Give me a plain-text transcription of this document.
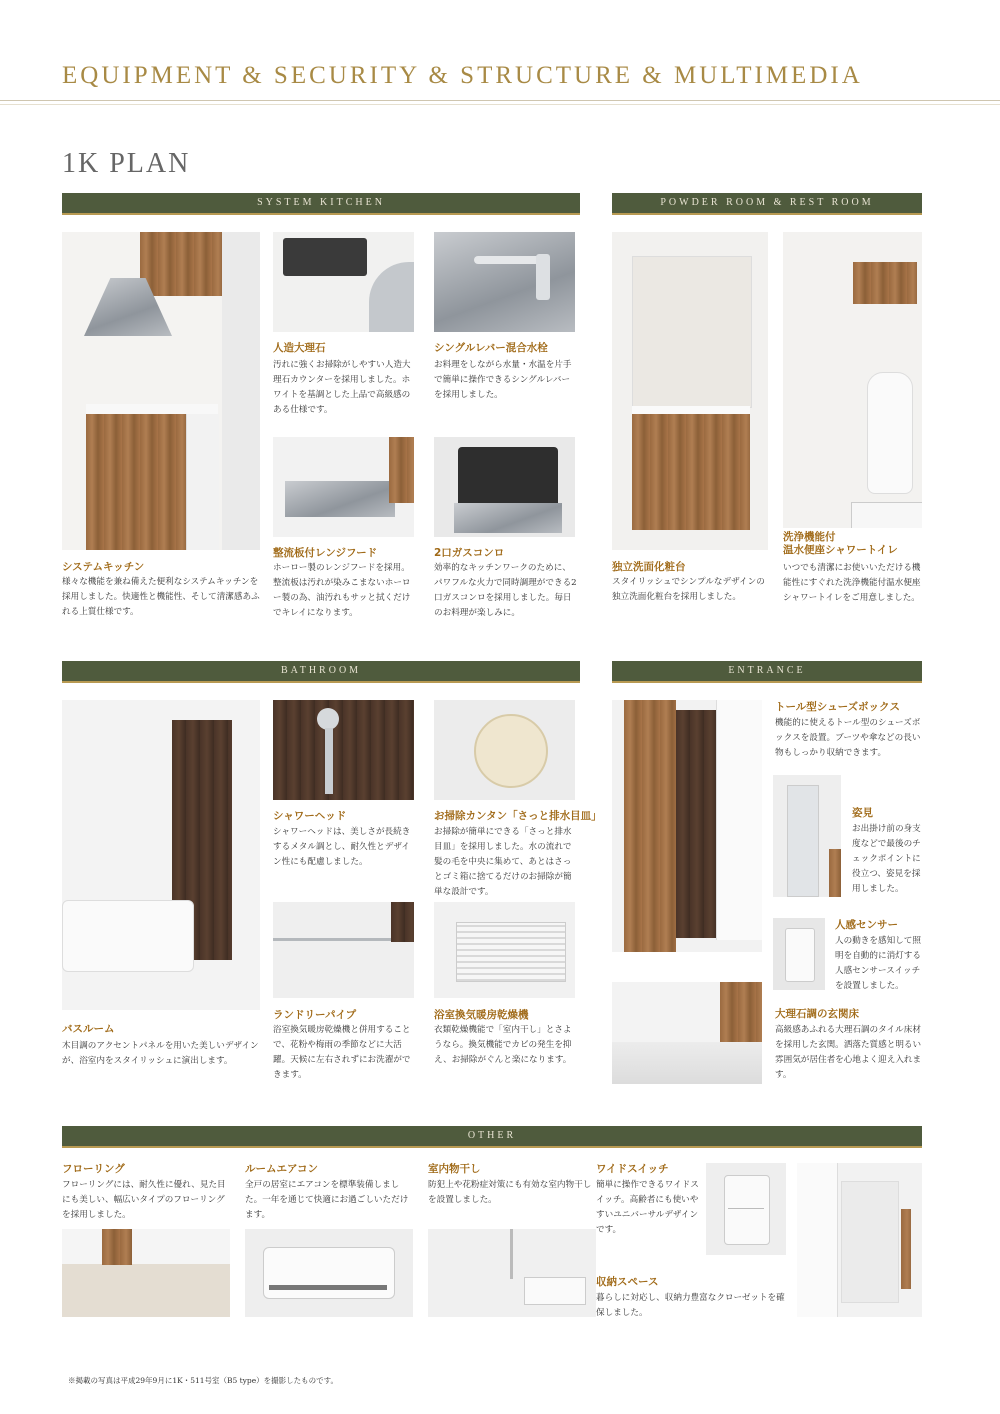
EQUIPMENT & SECURITY & STRUCTURE & MULTIMEDIA
1K PLAN
SYSTEM KITCHEN	POWDER ROOM & REST ROOM
BATHROOM	ENTRANCE
OTHER
システムキッチン
様々な機能を兼ね備えた便利なシステムキッチンを採用しました。快適性と機能性、そして清潔感あふれる上質仕様です。
人造大理石
汚れに強くお掃除がしやすい人造大理石カウンターを採用しました。ホワイトを基調とした上品で高級感のある仕様です。
シングルレバー混合水栓
お料理をしながら水量・水温を片手で簡単に操作できるシングルレバーを採用しました。
整流板付レンジフード
ホーロー製のレンジフードを採用。整流板は汚れが染みこまないホーロー製の為、油汚れもサッと拭くだけでキレイになります。
2口ガスコンロ
効率的なキッチンワークのために、パワフルな火力で同時調理ができる2口ガスコンロを採用しました。毎日のお料理が楽しみに。
独立洗面化粧台
スタイリッシュでシンプルなデザインの独立洗面化粧台を採用しました。
洗浄機能付
温水便座シャワートイレ
いつでも清潔にお使いいただける機能性にすぐれた洗浄機能付温水便座シャワートイレをご用意しました。
バスルーム
木目調のアクセントパネルを用いた美しいデザインが、浴室内をスタイリッシュに演出します。
シャワーヘッド
シャワーヘッドは、美しさが長続きするメタル調とし、耐久性とデザイン性にも配慮しました。
お掃除カンタン「さっと排水目皿」
お掃除が簡単にできる「さっと排水目皿」を採用しました。水の流れで髪の毛を中央に集めて、あとはさっとゴミ箱に捨てるだけのお掃除が簡単な設計です。
ランドリーパイプ
浴室換気暖房乾燥機と併用することで、花粉や梅雨の季節などに大活躍。天候に左右されずにお洗濯ができます。
浴室換気暖房乾燥機
衣類乾燥機能で「室内干し」とさようなら。換気機能でカビの発生を抑え、お掃除がぐんと楽になります。
トール型シューズボックス
機能的に使えるトール型のシューズボックスを設置。ブーツや傘などの長い物もしっかり収納できます。
姿見
お出掛け前の身支度などで最後のチェックポイントに役立つ、姿見を採用しました。
人感センサー
人の動きを感知して照明を自動的に消灯する人感センサースイッチを設置しました。
大理石調の玄関床
高級感あふれる大理石調のタイル床材を採用した玄関。洒落た質感と明るい雰囲気が居住者を心地よく迎え入れます。
フローリング
フローリングには、耐久性に優れ、見た目にも美しい、幅広いタイプのフローリングを採用しました。
ルームエアコン
全戸の居室にエアコンを標準装備しました。一年を通じて快適にお過ごしいただけます。
室内物干し
防犯上や花粉症対策にも有効な室内物干しを設置しました。
ワイドスイッチ
簡単に操作できるワイドスイッチ。高齢者にも使いやすいユニバーサルデザインです。
収納スペース
暮らしに対応し、収納力豊富なクローゼットを確保しました。
※掲載の写真は平成29年9月に1K・511号室（B5 type）を撮影したものです。
